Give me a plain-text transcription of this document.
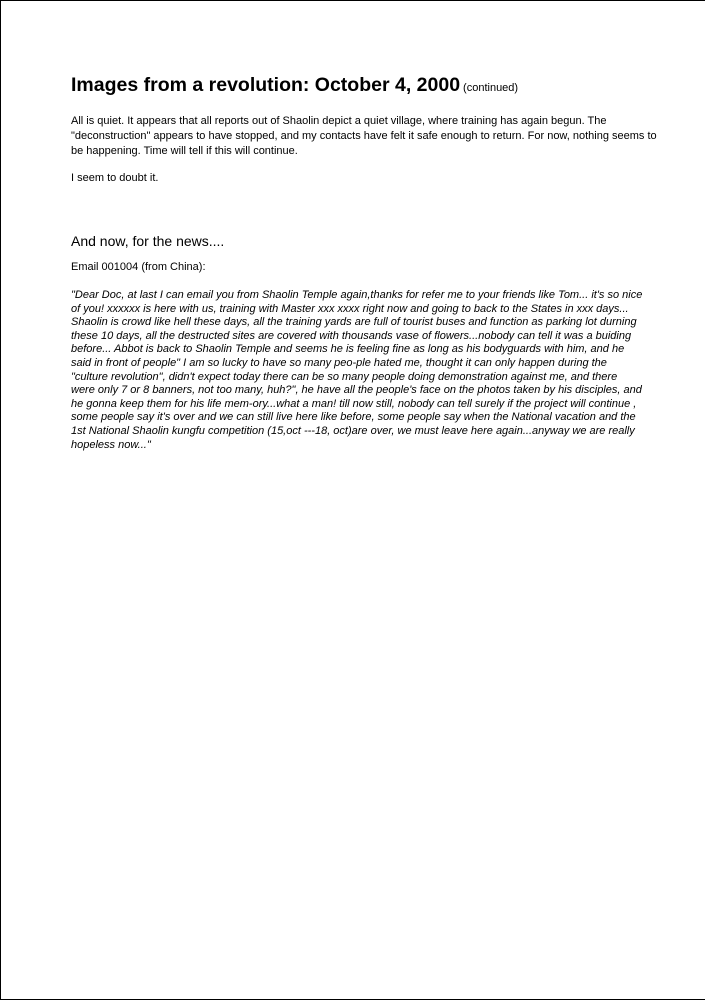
Images from a revolution: October 4, 2000 (continued)

All is quiet. It appears that all reports out of Shaolin depict a quiet village, where training has again begun. The "deconstruction" appears to have stopped, and my contacts have felt it safe enough to return. For now, nothing seems to be happening. Time will tell if this will continue.

I seem to doubt it.

And now, for the news....

Email 001004 (from China):

"Dear Doc, at last I can email you from Shaolin Temple again,thanks for refer me to your friends like Tom... it's so nice of you! xxxxxx is here with us, training with Master xxx xxxx right now and going to back to the States in xxx days... Shaolin is crowd like hell these days, all the training yards are full of tourist buses and function as parking lot durning these 10 days, all the destructed sites are covered with thousands vase of flowers...nobody can tell it was a buiding before... Abbot is back to Shaolin Temple and seems he is feeling fine as long as his bodyguards with him, and he said in front of people" I am so lucky to have so many peo-ple hated me, thought it can only happen during the "culture revolution", didn't expect today there can be so many people doing demonstration against me, and there were only 7 or 8 banners, not too many, huh?", he have all the people's face on the photos taken by his disciples, and he gonna keep them for his life mem-ory...what a man! till now still, nobody can tell surely if the project will continue , some people say it's over and we can still live here like before, some people say when the National vacation and the 1st National Shaolin kungfu competition (15,oct ---18, oct)are over, we must leave here again...anyway we are really hopeless now..."
